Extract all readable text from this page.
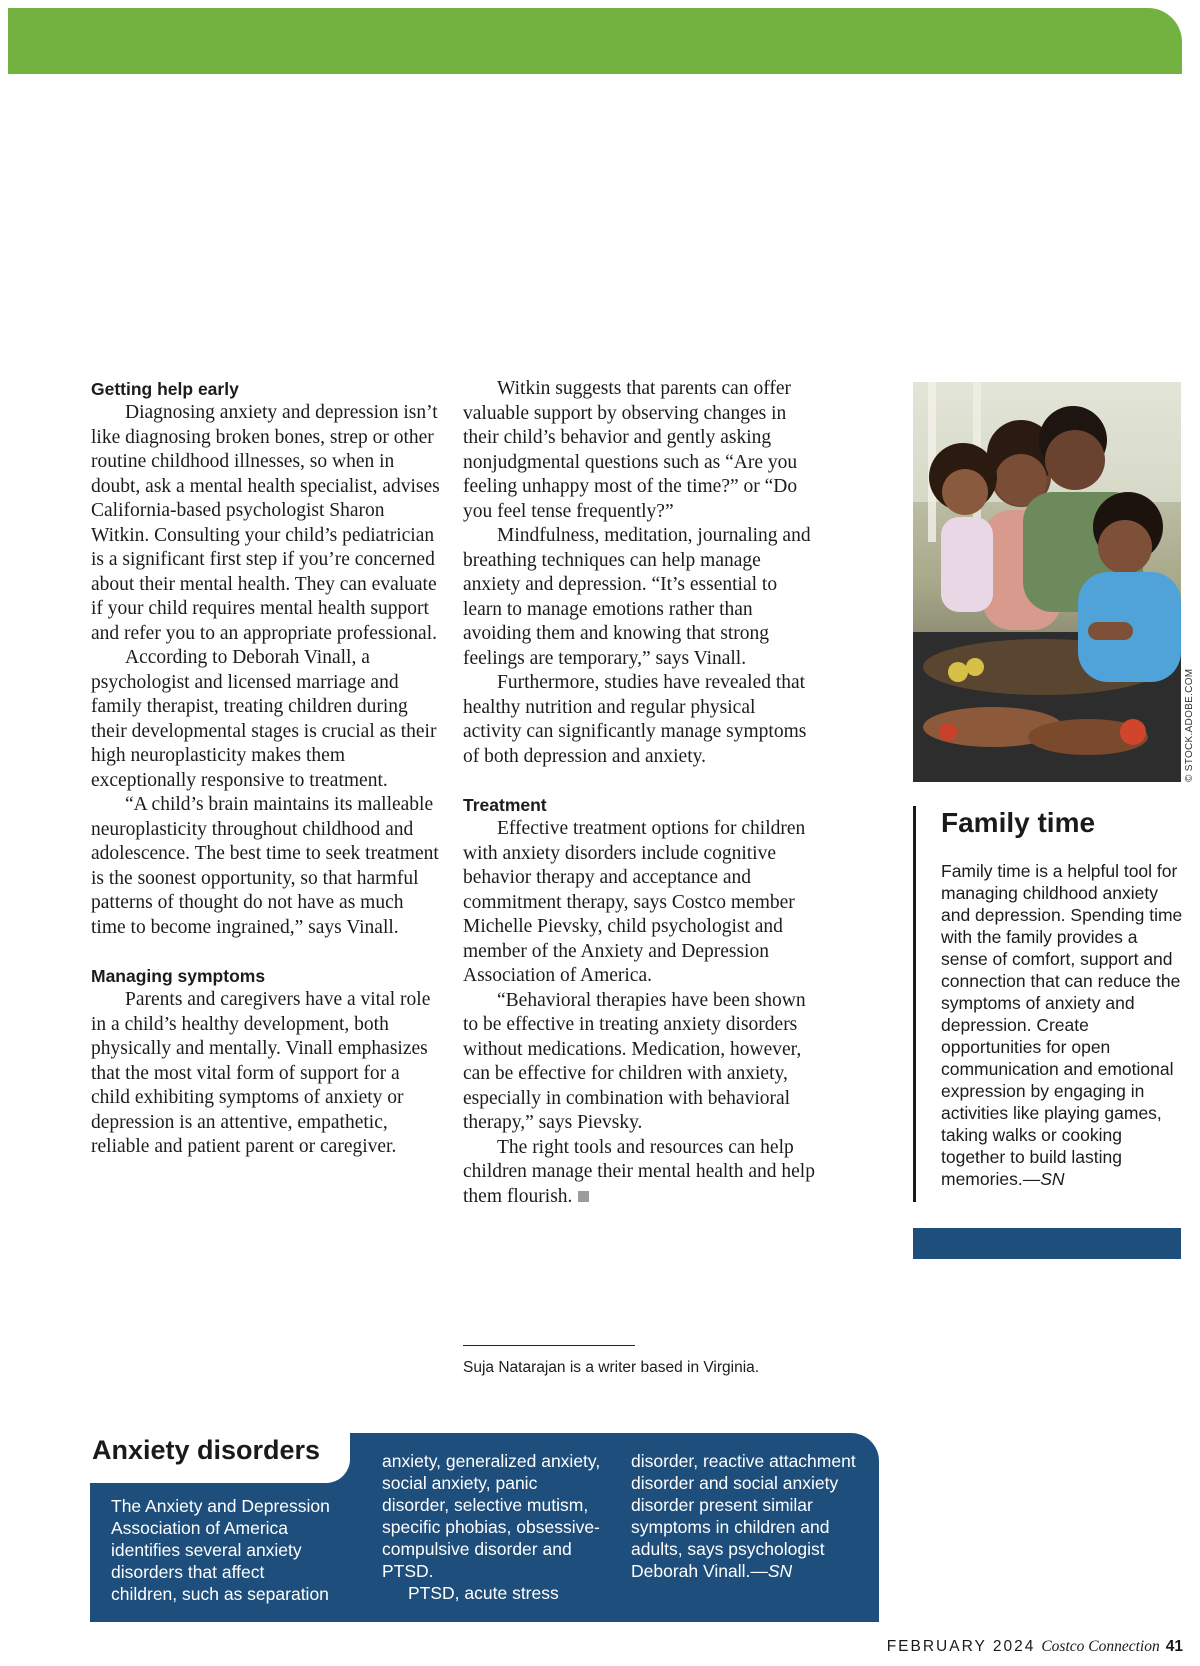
Getting help early

Diagnosing anxiety and depression isn’t like diagnosing broken bones, strep or other routine childhood illnesses, so when in doubt, ask a mental health specialist, advises California-based psychologist Sharon Witkin. Consulting your child’s pediatrician is a significant first step if you’re concerned about their mental health. They can evaluate if your child requires mental health support and refer you to an appropriate professional.

According to Deborah Vinall, a psychologist and licensed marriage and family therapist, treating children during their developmental stages is crucial as their high neuroplasticity makes them exceptionally responsive to treatment.

“A child’s brain maintains its malleable neuroplasticity throughout childhood and adolescence. The best time to seek treatment is the soonest opportunity, so that harmful patterns of thought do not have as much time to become ingrained,” says Vinall.

Managing symptoms

Parents and caregivers have a vital role in a child’s healthy development, both physically and mentally. Vinall emphasizes that the most vital form of support for a child exhibiting symptoms of anxiety or depression is an attentive, empathetic, reliable and patient parent or caregiver.

Witkin suggests that parents can offer valuable support by observing changes in their child’s behavior and gently asking nonjudgmental questions such as “Are you feeling unhappy most of the time?” or “Do you feel tense frequently?”

Mindfulness, meditation, journaling and breathing techniques can help manage anxiety and depression. “It’s essential to learn to manage emotions rather than avoiding them and knowing that strong feelings are temporary,” says Vinall.

Furthermore, studies have revealed that healthy nutrition and regular physical activity can significantly manage symptoms of both depression and anxiety.

Treatment

Effective treatment options for children with anxiety disorders include cognitive behavior therapy and acceptance and commitment therapy, says Costco member Michelle Pievsky, child psychologist and member of the Anxiety and Depression Association of America.

“Behavioral therapies have been shown to be effective in treating anxiety disorders without medications. Medication, however, can be effective for children with anxiety, especially in combination with behavioral therapy,” says Pievsky.

The right tools and resources can help children manage their mental health and help them flourish.

Suja Natarajan is a writer based in Virginia.
© STOCK.ADOBE.COM
Family time

Family time is a helpful tool for managing childhood anxiety and depression. Spending time with the family provides a sense of comfort, support and connection that can reduce the symptoms of anxiety and depression. Create opportunities for open communication and emotional expression by engaging in activities like playing games, taking walks or cooking together to build lasting memories.—SN

The Anxiety and Depression Association of America identifies several anxiety disorders that affect children, such as separation

anxiety, generalized anxiety, social anxiety, panic disorder, selective mutism, specific phobias, obsessive-compulsive disorder and PTSD.

PTSD, acute stress

disorder, reactive attachment disorder and social anxiety disorder present similar symptoms in children and adults, says psychologist Deborah Vinall.—SN

Anxiety disorders
FEBRUARY 2024 Costco Connection 41
